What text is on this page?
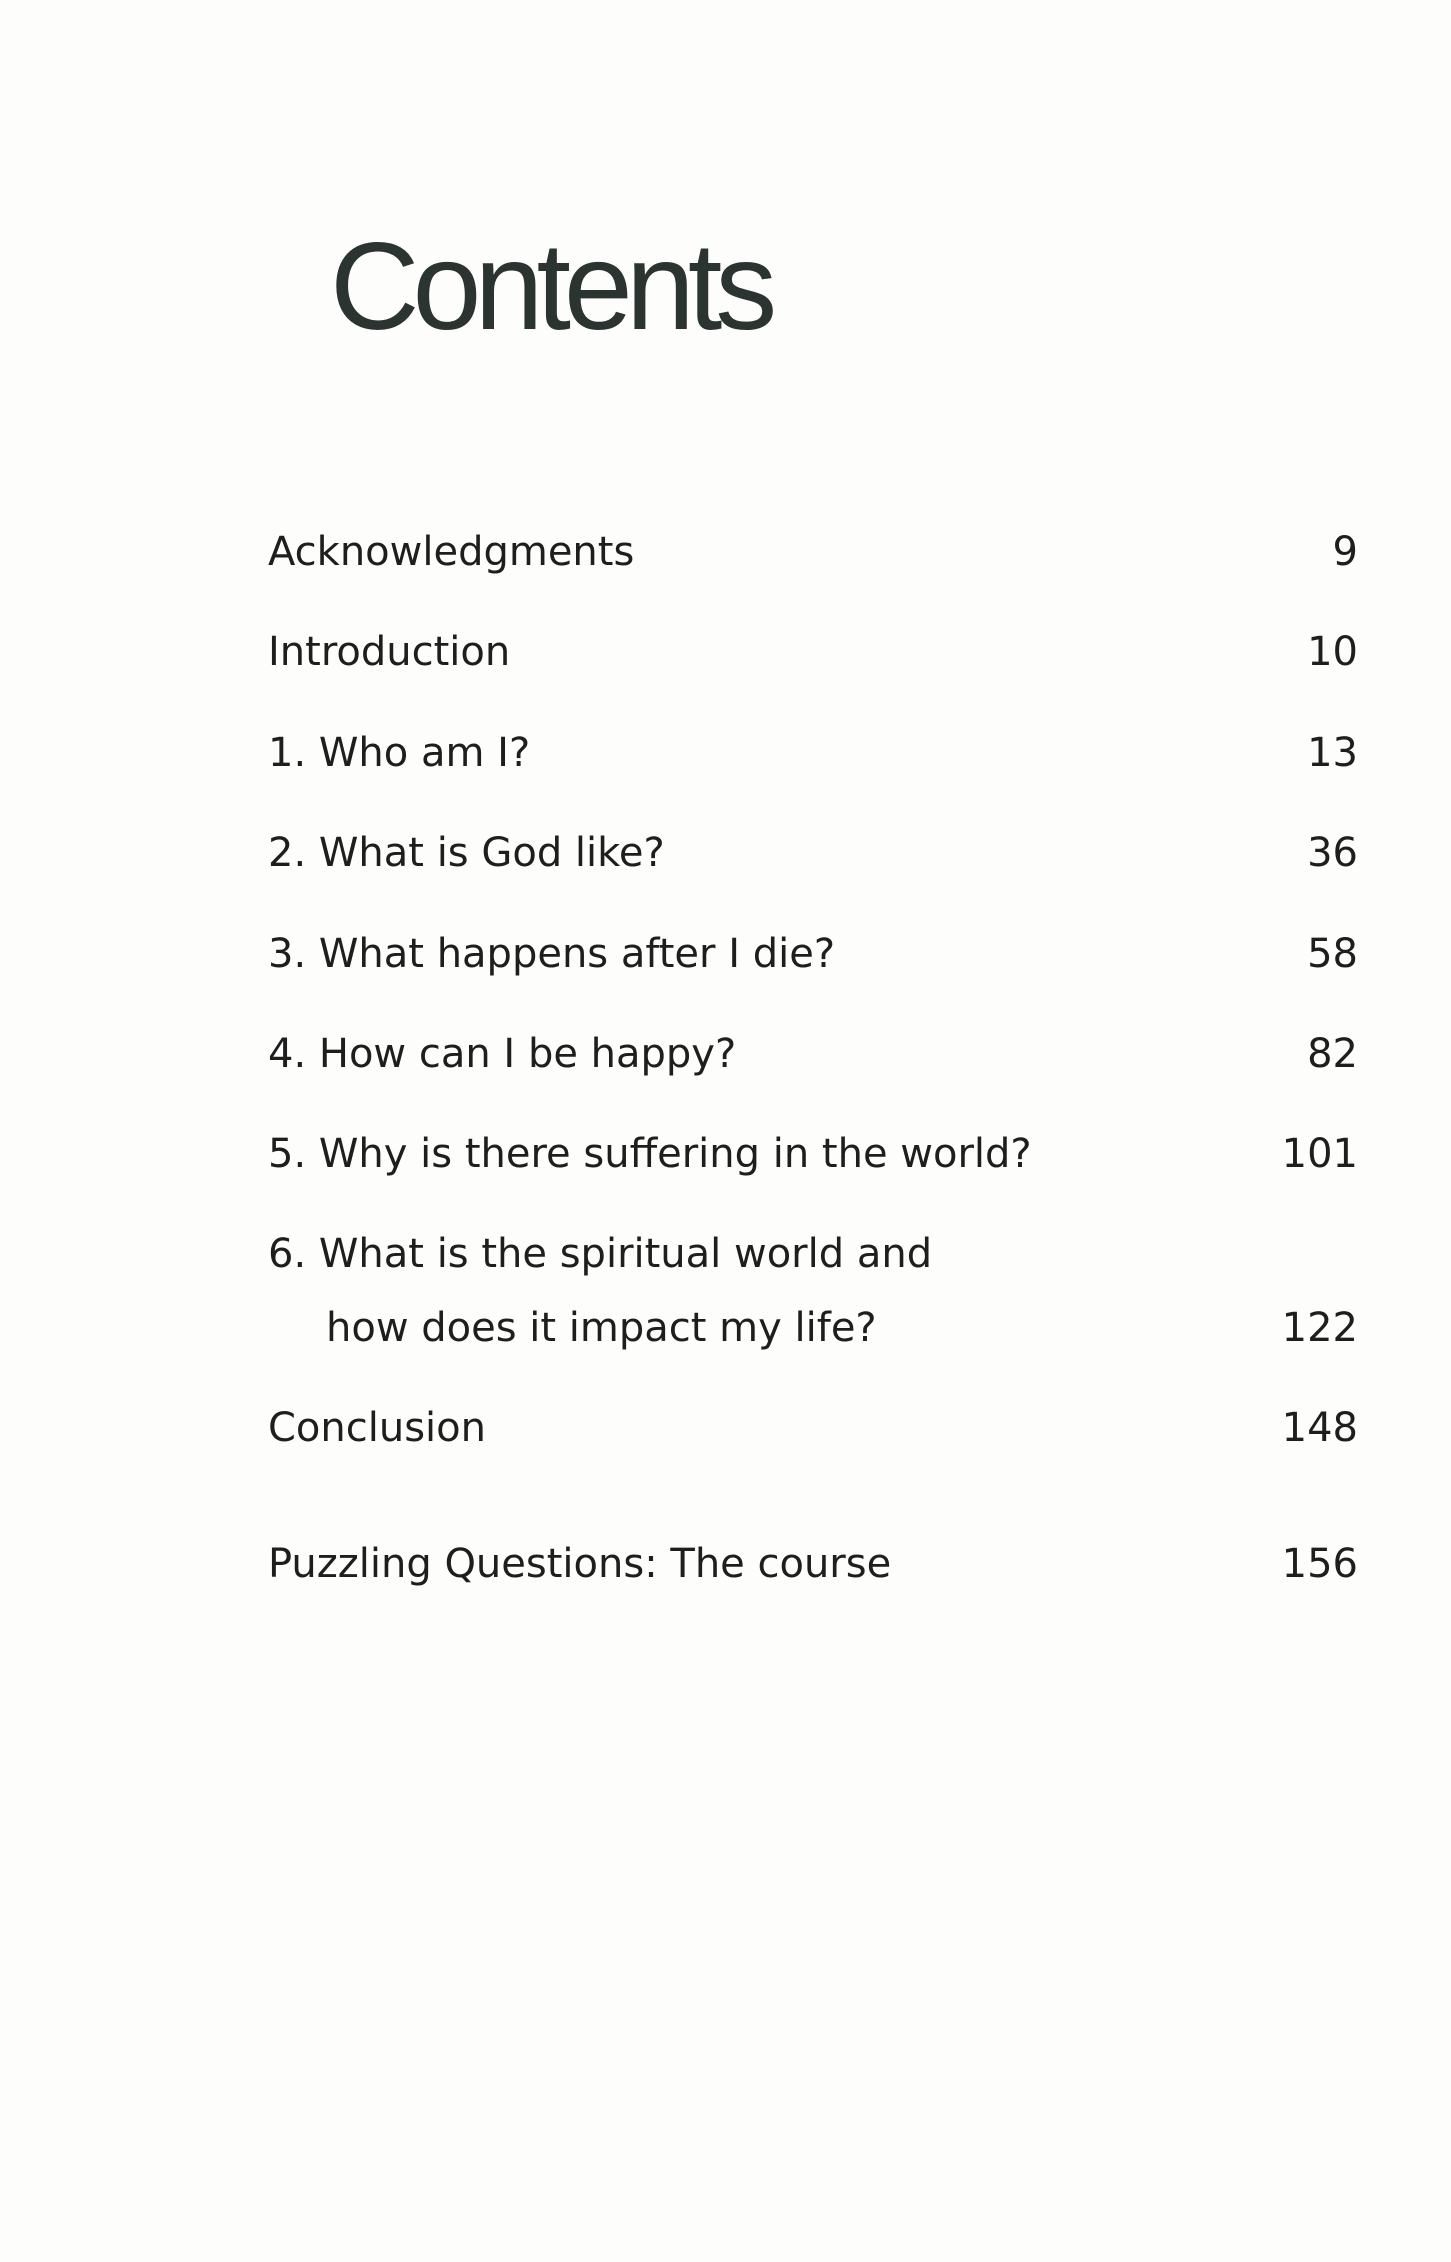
Contents
Acknowledgments	9
Introduction	10
1. Who am I?	13
2. What is God like?	36
3. What happens after I die?	58
4. How can I be happy?	82
5. Why is there suffering in the world?	101
6. What is the spiritual world and
how does it impact my life?	122
Conclusion	148
Puzzling Questions: The course	156
